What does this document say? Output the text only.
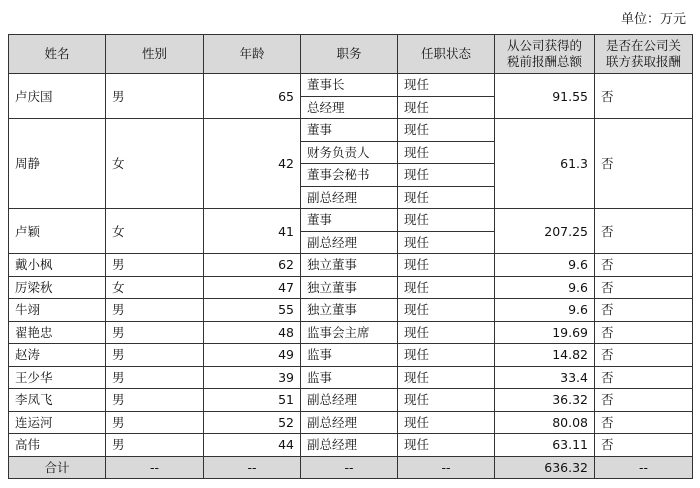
单位：万元
姓名	性别	年龄	职务	任职状态	从公司获得的税前报酬总额	是否在公司关联方获取报酬
卢庆国	男	65	董事长	现任	91.55	否
			总经理	现任		
周静	女	42	董事	现任	61.3	否
			财务负责人	现任		
			董事会秘书	现任		
			副总经理	现任		
卢颖	女	41	董事	现任	207.25	否
			副总经理	现任		
戴小枫	男	62	独立董事	现任	9.6	否
厉梁秋	女	47	独立董事	现任	9.6	否
牛翊	男	55	独立董事	现任	9.6	否
翟艳忠	男	48	监事会主席	现任	19.69	否
赵涛	男	49	监事	现任	14.82	否
王少华	男	39	监事	现任	33.4	否
李凤飞	男	51	副总经理	现任	36.32	否
连运河	男	52	副总经理	现任	80.08	否
高伟	男	44	副总经理	现任	63.11	否
合计	--	--	--	--	636.32	--
